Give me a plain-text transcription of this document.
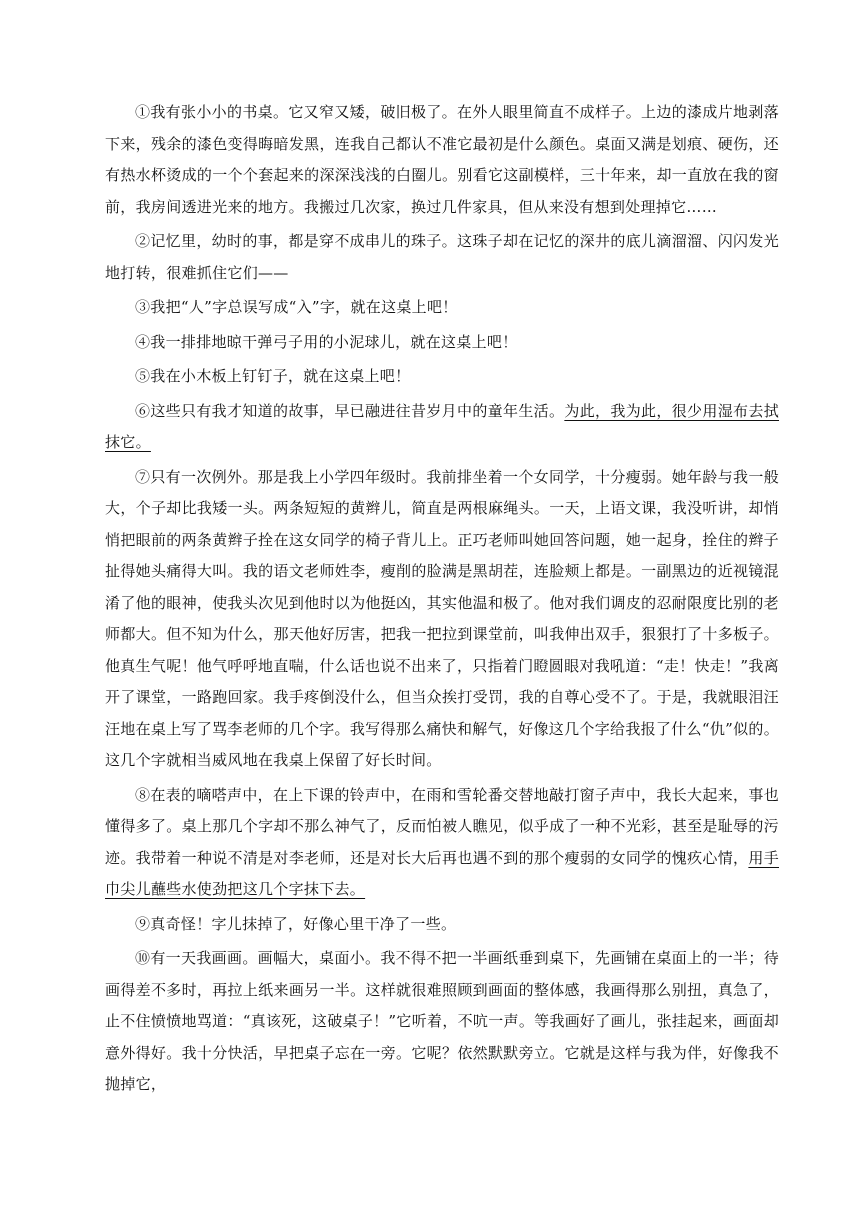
①我有张小小的书桌。它又窄又矮，破旧极了。在外人眼里简直不成样子。上边的漆成片地剥落下来，残余的漆色变得晦暗发黑，连我自己都认不准它最初是什么颜色。桌面又满是划痕、硬伤，还有热水杯烫成的一个个套起来的深深浅浅的白圈儿。别看它这副模样，三十年来，却一直放在我的窗前，我房间透进光来的地方。我搬过几次家，换过几件家具，但从来没有想到处理掉它……

②记忆里，幼时的事，都是穿不成串儿的珠子。这珠子却在记忆的深井的底儿滴溜溜、闪闪发光地打转，很难抓住它们——

③我把“人”字总误写成“入”字，就在这桌上吧！

④我一排排地晾干弹弓子用的小泥球儿，就在这桌上吧！

⑤我在小木板上钉钉子，就在这桌上吧！

⑥这些只有我才知道的故事，早已融进往昔岁月中的童年生活。为此，我为此，很少用湿布去拭抹它。

⑦只有一次例外。那是我上小学四年级时。我前排坐着一个女同学，十分瘦弱。她年龄与我一般大，个子却比我矮一头。两条短短的黄辫儿，简直是两根麻绳头。一天，上语文课，我没听讲，却悄悄把眼前的两条黄辫子拴在这女同学的椅子背儿上。正巧老师叫她回答问题，她一起身，拴住的辫子扯得她头痛得大叫。我的语文老师姓李，瘦削的脸满是黑胡茬，连脸颊上都是。一副黑边的近视镜混淆了他的眼神，使我头次见到他时以为他挺凶，其实他温和极了。他对我们调皮的忍耐限度比别的老师都大。但不知为什么，那天他好厉害，把我一把拉到课堂前，叫我伸出双手，狠狠打了十多板子。他真生气呢！他气呼呼地直喘，什么话也说不出来了，只指着门瞪圆眼对我吼道：“走！快走！”我离开了课堂，一路跑回家。我手疼倒没什么，但当众挨打受罚，我的自尊心受不了。于是，我就眼泪汪汪地在桌上写了骂李老师的几个字。我写得那么痛快和解气，好像这几个字给我报了什么“仇”似的。这几个字就相当威风地在我桌上保留了好长时间。

⑧在表的嘀嗒声中，在上下课的铃声中，在雨和雪轮番交替地敲打窗子声中，我长大起来，事也懂得多了。桌上那几个字却不那么神气了，反而怕被人瞧见，似乎成了一种不光彩，甚至是耻辱的污迹。我带着一种说不清是对李老师，还是对长大后再也遇不到的那个瘦弱的女同学的愧疚心情，用手巾尖儿蘸些水使劲把这几个字抹下去。

⑨真奇怪！字儿抹掉了，好像心里干净了一些。

⑩有一天我画画。画幅大，桌面小。我不得不把一半画纸垂到桌下，先画铺在桌面上的一半；待画得差不多时，再拉上纸来画另一半。这样就很难照顾到画面的整体感，我画得那么别扭，真急了，止不住愤愤地骂道：“真该死，这破桌子！”它听着，不吭一声。等我画好了画儿，张挂起来，画面却意外得好。我十分快活，早把桌子忘在一旁。它呢？依然默默旁立。它就是这样与我为伴，好像我不抛掉它，
